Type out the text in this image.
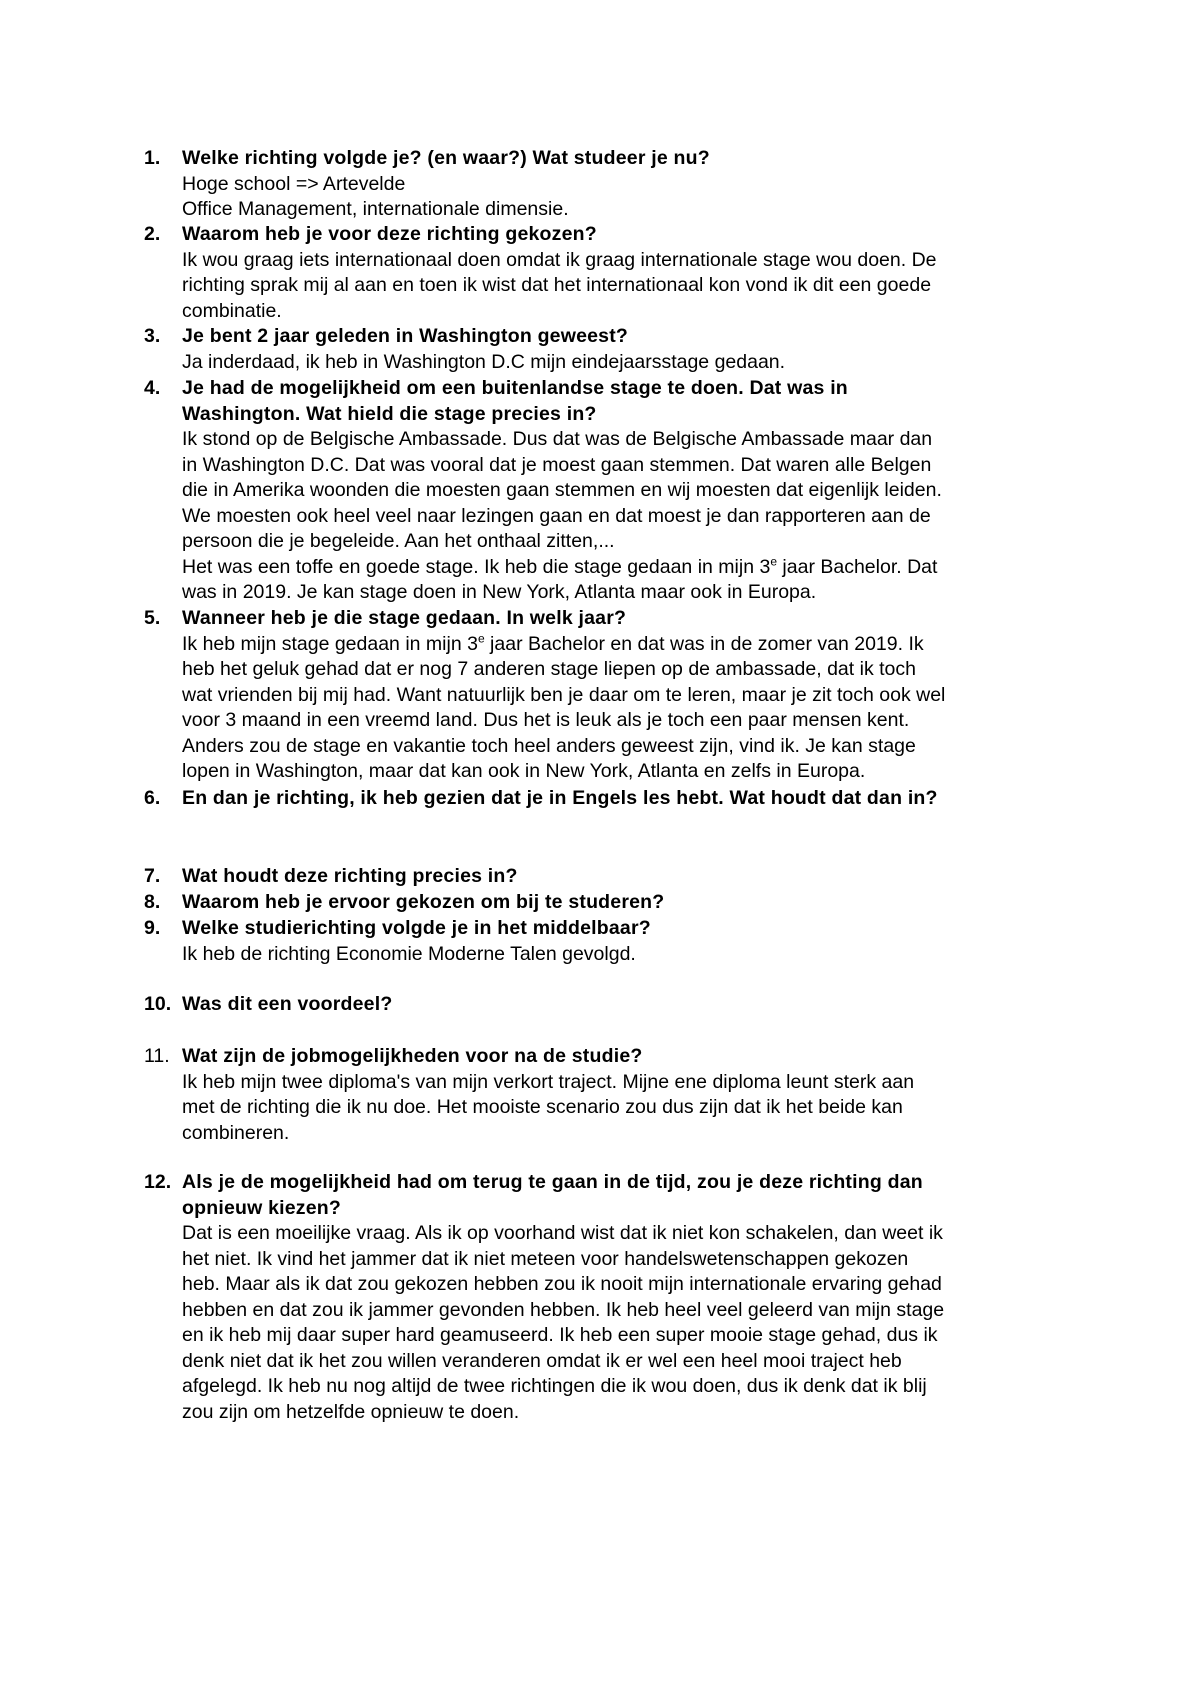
1. Welke richting volgde je? (en waar?) Wat studeer je nu?
Hoge school => Artevelde
Office Management, internationale dimensie.
2. Waarom heb je voor deze richting gekozen?
Ik wou graag iets internationaal doen omdat ik graag internationale stage wou doen. De
richting sprak mij al aan en toen ik wist dat het internationaal kon vond ik dit een goede
combinatie.
3. Je bent 2 jaar geleden in Washington geweest?
Ja inderdaad, ik heb in Washington D.C mijn eindejaarsstage gedaan.
4. Je had de mogelijkheid om een buitenlandse stage te doen. Dat was in
Washington. Wat hield die stage precies in?
Ik stond op de Belgische Ambassade. Dus dat was de Belgische Ambassade maar dan
in Washington D.C. Dat was vooral dat je moest gaan stemmen. Dat waren alle Belgen
die in Amerika woonden die moesten gaan stemmen en wij moesten dat eigenlijk leiden.
We moesten ook heel veel naar lezingen gaan en dat moest je dan rapporteren aan de
persoon die je begeleide. Aan het onthaal zitten,...
Het was een toffe en goede stage. Ik heb die stage gedaan in mijn 3e jaar Bachelor. Dat
was in 2019. Je kan stage doen in New York, Atlanta maar ook in Europa.
5. Wanneer heb je die stage gedaan. In welk jaar?
Ik heb mijn stage gedaan in mijn 3e jaar Bachelor en dat was in de zomer van 2019. Ik
heb het geluk gehad dat er nog 7 anderen stage liepen op de ambassade, dat ik toch
wat vrienden bij mij had. Want natuurlijk ben je daar om te leren, maar je zit toch ook wel
voor 3 maand in een vreemd land. Dus het is leuk als je toch een paar mensen kent.
Anders zou de stage en vakantie toch heel anders geweest zijn, vind ik. Je kan stage
lopen in Washington, maar dat kan ook in New York, Atlanta en zelfs in Europa.
6. En dan je richting, ik heb gezien dat je in Engels les hebt. Wat houdt dat dan in?
7. Wat houdt deze richting precies in?
8. Waarom heb je ervoor gekozen om bij te studeren?
9. Welke studierichting volgde je in het middelbaar?
Ik heb de richting Economie Moderne Talen gevolgd.
10. Was dit een voordeel?
11. Wat zijn de jobmogelijkheden voor na de studie?
Ik heb mijn twee diploma's van mijn verkort traject. Mijne ene diploma leunt sterk aan
met de richting die ik nu doe. Het mooiste scenario zou dus zijn dat ik het beide kan
combineren.
12. Als je de mogelijkheid had om terug te gaan in de tijd, zou je deze richting dan
opnieuw kiezen?
Dat is een moeilijke vraag. Als ik op voorhand wist dat ik niet kon schakelen, dan weet ik
het niet. Ik vind het jammer dat ik niet meteen voor handelswetenschappen gekozen
heb. Maar als ik dat zou gekozen hebben zou ik nooit mijn internationale ervaring gehad
hebben en dat zou ik jammer gevonden hebben. Ik heb heel veel geleerd van mijn stage
en ik heb mij daar super hard geamuseerd. Ik heb een super mooie stage gehad, dus ik
denk niet dat ik het zou willen veranderen omdat ik er wel een heel mooi traject heb
afgelegd. Ik heb nu nog altijd de twee richtingen die ik wou doen, dus ik denk dat ik blij
zou zijn om hetzelfde opnieuw te doen.
